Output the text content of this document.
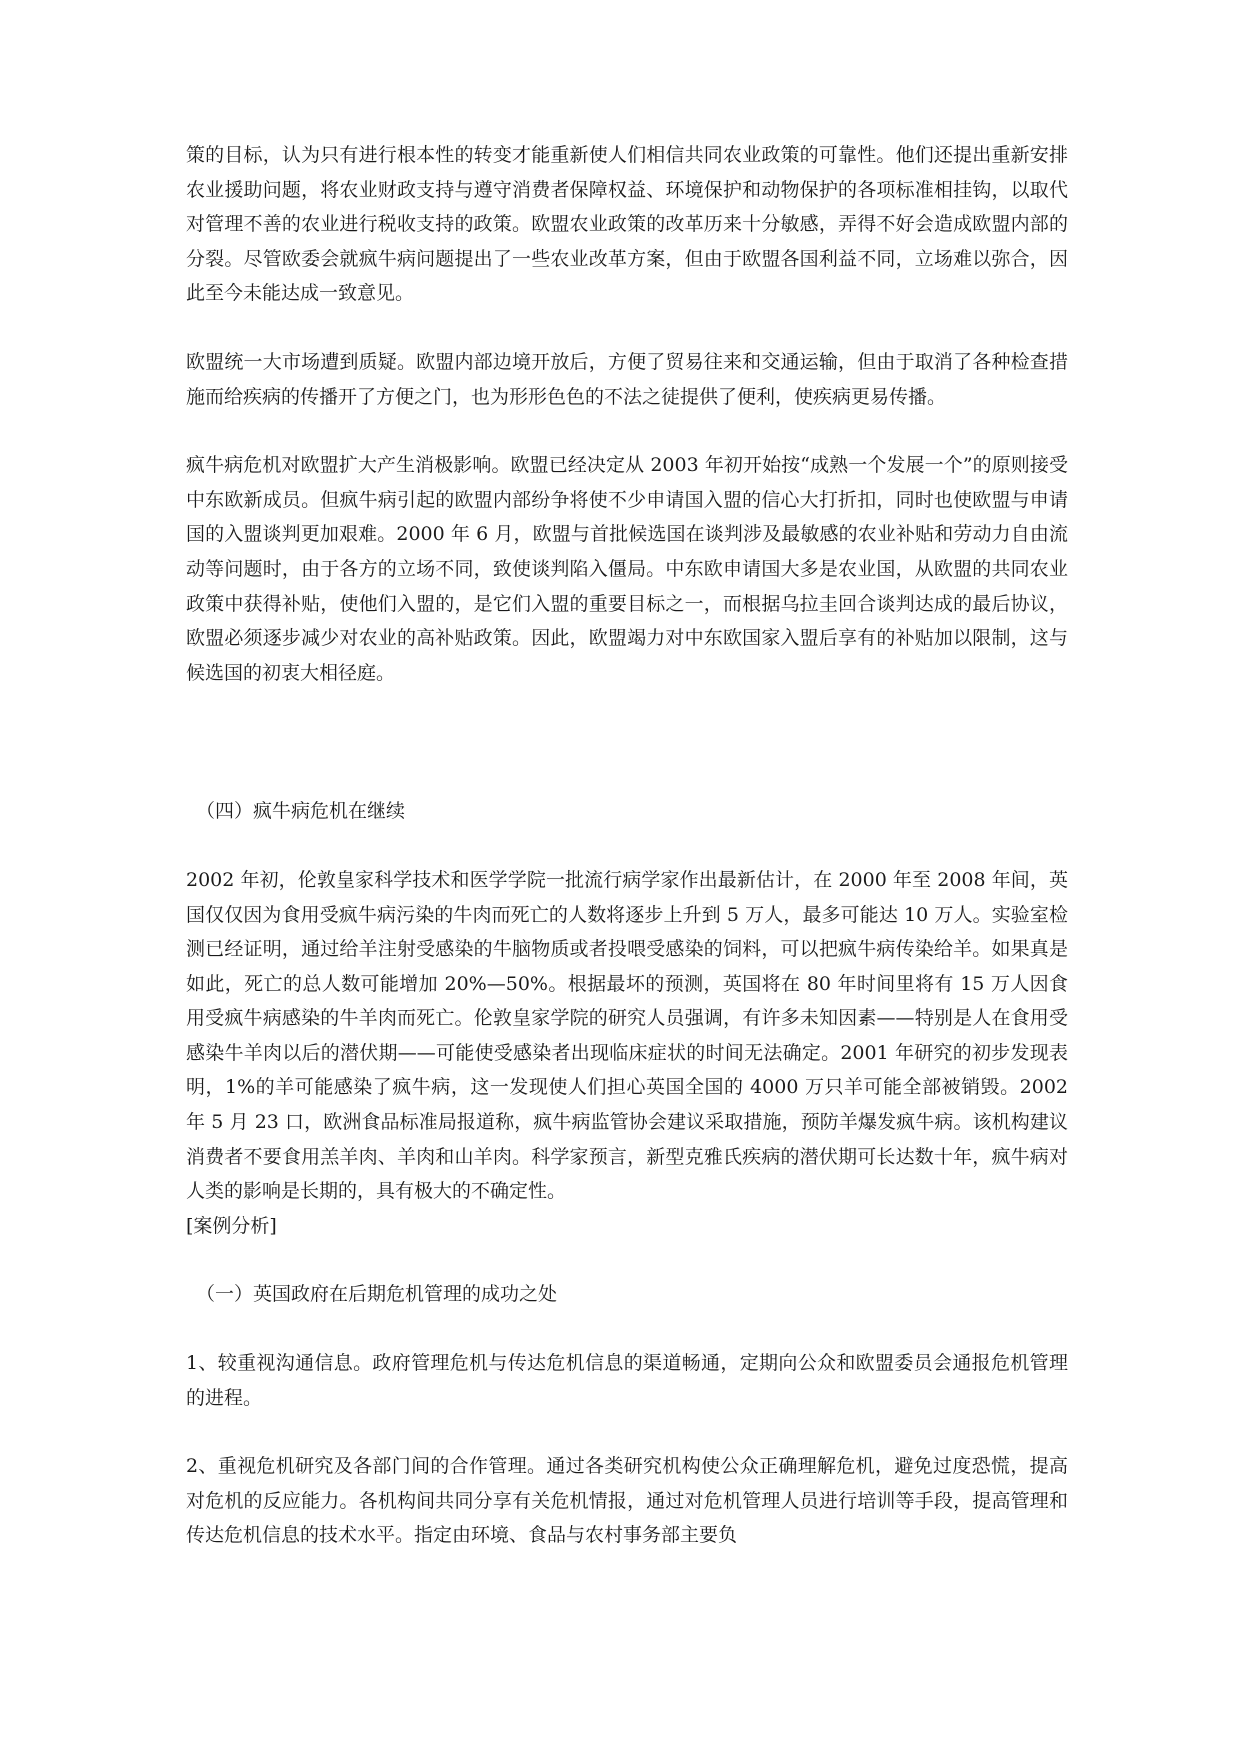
策的目标，认为只有进行根本性的转变才能重新使人们相信共同农业政策的可靠性。他们还提出重新安排农业援助问题，将农业财政支持与遵守消费者保障权益、环境保护和动物保护的各项标准相挂钩，以取代对管理不善的农业进行税收支持的政策。欧盟农业政策的改革历来十分敏感，弄得不好会造成欧盟内部的分裂。尽管欧委会就疯牛病问题提出了一些农业改革方案，但由于欧盟各国利益不同，立场难以弥合，因此至今未能达成一致意见。

欧盟统一大市场遭到质疑。欧盟内部边境开放后，方便了贸易往来和交通运输，但由于取消了各种检查措施而给疾病的传播开了方便之门，也为形形色色的不法之徒提供了便利，使疾病更易传播。

疯牛病危机对欧盟扩大产生消极影响。欧盟已经决定从 2003 年初开始按“成熟一个发展一个”的原则接受中东欧新成员。但疯牛病引起的欧盟内部纷争将使不少申请国入盟的信心大打折扣，同时也使欧盟与申请国的入盟谈判更加艰难。2000 年 6 月，欧盟与首批候选国在谈判涉及最敏感的农业补贴和劳动力自由流动等问题时，由于各方的立场不同，致使谈判陷入僵局。中东欧申请国大多是农业国，从欧盟的共同农业政策中获得补贴，使他们入盟的，是它们入盟的重要目标之一，而根据乌拉圭回合谈判达成的最后协议，欧盟必须逐步减少对农业的高补贴政策。因此，欧盟竭力对中东欧国家入盟后享有的补贴加以限制，这与候选国的初衷大相径庭。

（四）疯牛病危机在继续

2002 年初，伦敦皇家科学技术和医学学院一批流行病学家作出最新估计，在 2000 年至 2008 年间，英国仅仅因为食用受疯牛病污染的牛肉而死亡的人数将逐步上升到 5 万人，最多可能达 10 万人。实验室检测已经证明，通过给羊注射受感染的牛脑物质或者投喂受感染的饲料，可以把疯牛病传染给羊。如果真是如此，死亡的总人数可能增加 20%—50%。根据最坏的预测，英国将在 80 年时间里将有 15 万人因食用受疯牛病感染的牛羊肉而死亡。伦敦皇家学院的研究人员强调，有许多未知因素——特别是人在食用受感染牛羊肉以后的潜伏期——可能使受感染者出现临床症状的时间无法确定。2001 年研究的初步发现表明，1%的羊可能感染了疯牛病，这一发现使人们担心英国全国的 4000 万只羊可能全部被销毁。2002 年 5 月 23 口，欧洲食品标准局报道称，疯牛病监管协会建议采取措施，预防羊爆发疯牛病。该机构建议消费者不要食用羔羊肉、羊肉和山羊肉。科学家预言，新型克雅氏疾病的潜伏期可长达数十年，疯牛病对人类的影响是长期的，具有极大的不确定性。

[案例分析]

（一）英国政府在后期危机管理的成功之处

1、较重视沟通信息。政府管理危机与传达危机信息的渠道畅通，定期向公众和欧盟委员会通报危机管理的进程。

2、重视危机研究及各部门间的合作管理。通过各类研究机构使公众正确理解危机，避免过度恐慌，提高对危机的反应能力。各机构间共同分享有关危机情报，通过对危机管理人员进行培训等手段，提高管理和传达危机信息的技术水平。指定由环境、食品与农村事务部主要负
